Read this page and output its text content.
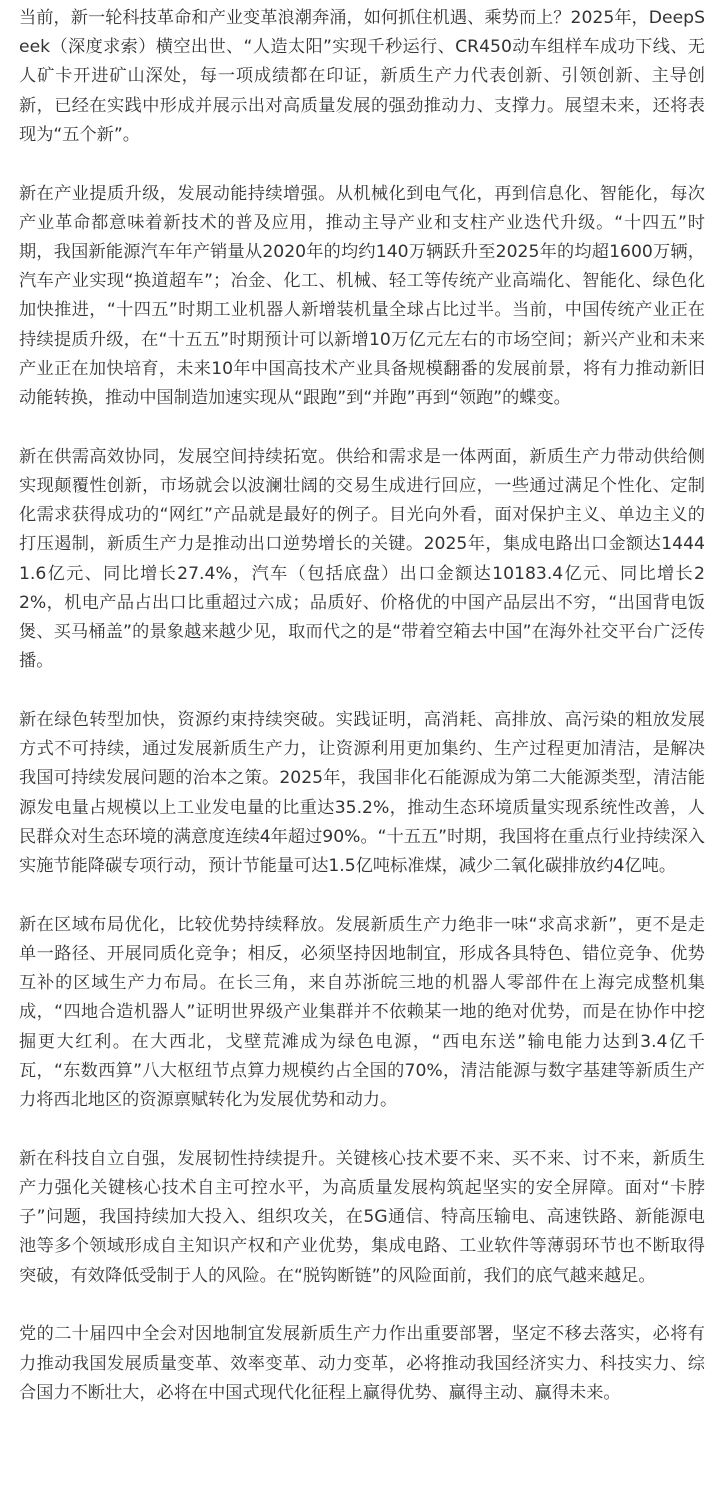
当前，新一轮科技革命和产业变革浪潮奔涌，如何抓住机遇、乘势而上？2025年，DeepSeek（深度求索）横空出世、“人造太阳”实现千秒运行、CR450动车组样车成功下线、无人矿卡开进矿山深处，每一项成绩都在印证，新质生产力代表创新、引领创新、主导创新，已经在实践中形成并展示出对高质量发展的强劲推动力、支撑力。展望未来，还将表现为“五个新”。

新在产业提质升级，发展动能持续增强。从机械化到电气化，再到信息化、智能化，每次产业革命都意味着新技术的普及应用，推动主导产业和支柱产业迭代升级。“十四五”时期，我国新能源汽车年产销量从2020年的均约140万辆跃升至2025年的均超1600万辆，汽车产业实现“换道超车”；冶金、化工、机械、轻工等传统产业高端化、智能化、绿色化加快推进，“十四五”时期工业机器人新增装机量全球占比过半。当前，中国传统产业正在持续提质升级，在“十五五”时期预计可以新增10万亿元左右的市场空间；新兴产业和未来产业正在加快培育，未来10年中国高技术产业具备规模翻番的发展前景，将有力推动新旧动能转换，推动中国制造加速实现从“跟跑”到“并跑”再到“领跑”的蝶变。

新在供需高效协同，发展空间持续拓宽。供给和需求是一体两面，新质生产力带动供给侧实现颠覆性创新，市场就会以波澜壮阔的交易生成进行回应，一些通过满足个性化、定制化需求获得成功的“网红”产品就是最好的例子。目光向外看，面对保护主义、单边主义的打压遏制，新质生产力是推动出口逆势增长的关键。2025年，集成电路出口金额达14441.6亿元、同比增长27.4%，汽车（包括底盘）出口金额达10183.4亿元、同比增长22%，机电产品占出口比重超过六成；品质好、价格优的中国产品层出不穷，“出国背电饭煲、买马桶盖”的景象越来越少见，取而代之的是“带着空箱去中国”在海外社交平台广泛传播。

新在绿色转型加快，资源约束持续突破。实践证明，高消耗、高排放、高污染的粗放发展方式不可持续，通过发展新质生产力，让资源利用更加集约、生产过程更加清洁，是解决我国可持续发展问题的治本之策。2025年，我国非化石能源成为第二大能源类型，清洁能源发电量占规模以上工业发电量的比重达35.2%，推动生态环境质量实现系统性改善，人民群众对生态环境的满意度连续4年超过90%。“十五五”时期，我国将在重点行业持续深入实施节能降碳专项行动，预计节能量可达1.5亿吨标准煤，减少二氧化碳排放约4亿吨。

新在区域布局优化，比较优势持续释放。发展新质生产力绝非一味“求高求新”，更不是走单一路径、开展同质化竞争；相反，必须坚持因地制宜，形成各具特色、错位竞争、优势互补的区域生产力布局。在长三角，来自苏浙皖三地的机器人零部件在上海完成整机集成，“四地合造机器人”证明世界级产业集群并不依赖某一地的绝对优势，而是在协作中挖掘更大红利。在大西北，戈壁荒滩成为绿色电源，“西电东送”输电能力达到3.4亿千瓦，“东数西算”八大枢纽节点算力规模约占全国的70%，清洁能源与数字基建等新质生产力将西北地区的资源禀赋转化为发展优势和动力。

新在科技自立自强，发展韧性持续提升。关键核心技术要不来、买不来、讨不来，新质生产力强化关键核心技术自主可控水平，为高质量发展构筑起坚实的安全屏障。面对“卡脖子”问题，我国持续加大投入、组织攻关，在5G通信、特高压输电、高速铁路、新能源电池等多个领域形成自主知识产权和产业优势，集成电路、工业软件等薄弱环节也不断取得突破，有效降低受制于人的风险。在“脱钩断链”的风险面前，我们的底气越来越足。

党的二十届四中全会对因地制宜发展新质生产力作出重要部署，坚定不移去落实，必将有力推动我国发展质量变革、效率变革、动力变革，必将推动我国经济实力、科技实力、综合国力不断壮大，必将在中国式现代化征程上赢得优势、赢得主动、赢得未来。
